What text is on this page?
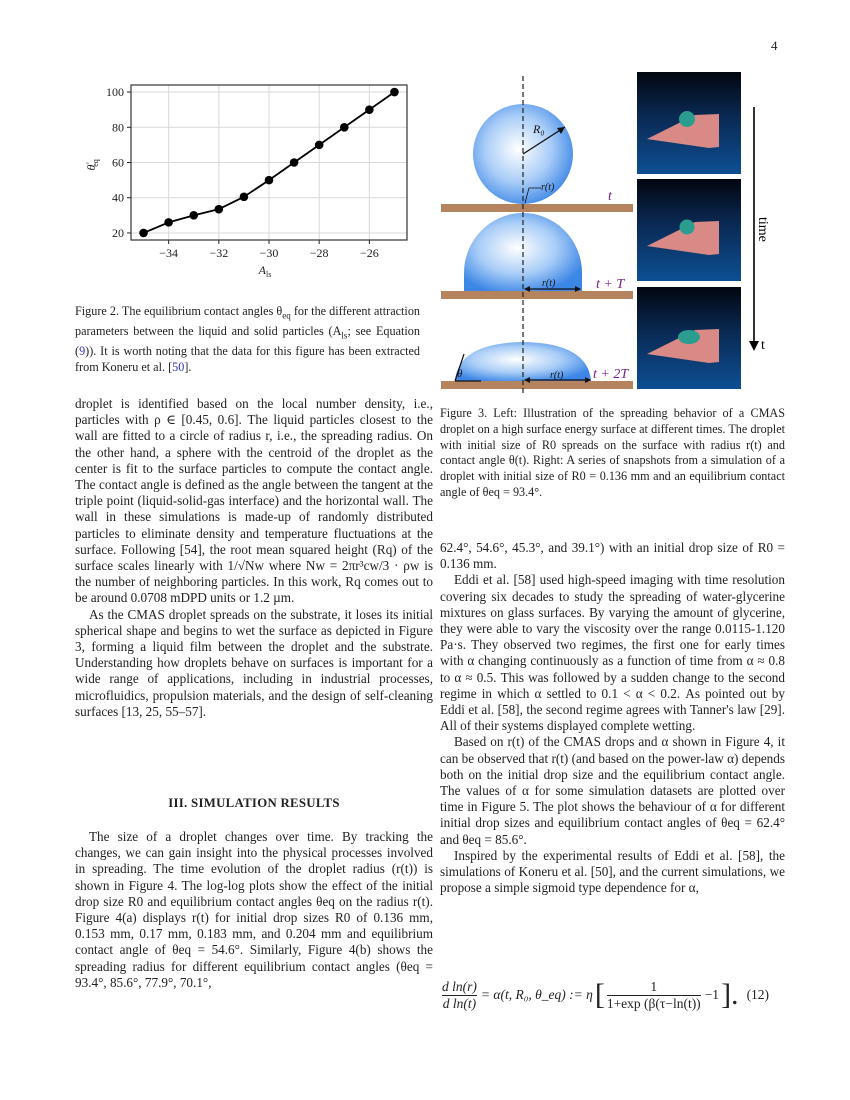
4
−34	−32	−30	−28	−26
20
40
60
80
100
$A_{ls}$
θ◦eq
Figure 2. The equilibrium contact angles $\theta_{eq}$ for the different attraction parameters between the liquid and solid particles ($A_{ls}$; see Equation (9)). It is worth noting that the data for this figure has been extracted from Koneru et al. [50].
R₀
r(t)
t
r(t)	t + T
r(t) t + 2T
θ
time
t
Figure 3. Left: Illustration of the spreading behavior of a CMAS droplet on a high surface energy surface at different times. The droplet with initial size of R0 spreads on the surface with radius r(t) and contact angle θ(t). Right: A series of snapshots from a simulation of a droplet with initial size of R0 = 0.136 mm and an equilibrium contact angle of θeq = 93.4°.

droplet is identified based on the local number density, i.e., particles with ρ ∈ [0.45, 0.6]. The liquid particles closest to the wall are fitted to a circle of radius r, i.e., the spreading radius. On the other hand, a sphere with the centroid of the droplet as the center is fit to the surface particles to compute the contact angle. The contact angle is defined as the angle between the tangent at the triple point (liquid-solid-gas interface) and the horizontal wall. The wall in these simulations is made-up of randomly distributed particles to eliminate density and temperature fluctuations at the surface. Following [54], the root mean squared height (Rq) of the surface scales linearly with 1/√Nw where Nw = 2πr³cw/3 · ρw is the number of neighboring particles. In this work, Rq comes out to be around 0.0708 mDPD units or 1.2 µm.

As the CMAS droplet spreads on the substrate, it loses its initial spherical shape and begins to wet the surface as depicted in Figure 3, forming a liquid film between the droplet and the substrate. Understanding how droplets behave on surfaces is important for a wide range of applications, including in industrial processes, microfluidics, propulsion materials, and the design of self-cleaning surfaces [13, 25, 55–57].

III. SIMULATION RESULTS

The size of a droplet changes over time. By tracking the changes, we can gain insight into the physical processes involved in spreading. The time evolution of the droplet radius (r(t)) is shown in Figure 4. The log-log plots show the effect of the initial drop size R0 and equilibrium contact angles θeq on the radius r(t). Figure 4(a) displays r(t) for initial drop sizes R0 of 0.136 mm, 0.153 mm, 0.17 mm, 0.183 mm, and 0.204 mm and equilibrium contact angle of θeq = 54.6°. Similarly, Figure 4(b) shows the spreading radius for different equilibrium contact angles (θeq = 93.4°, 85.6°, 77.9°, 70.1°,

62.4°, 54.6°, 45.3°, and 39.1°) with an initial drop size of R0 = 0.136 mm.

Eddi et al. [58] used high-speed imaging with time resolution covering six decades to study the spreading of water-glycerine mixtures on glass surfaces. By varying the amount of glycerine, they were able to vary the viscosity over the range 0.0115-1.120 Pa·s. They observed two regimes, the first one for early times with α changing continuously as a function of time from α ≈ 0.8 to α ≈ 0.5. This was followed by a sudden change to the second regime in which α settled to 0.1 < α < 0.2. As pointed out by Eddi et al. [58], the second regime agrees with Tanner's law [29]. All of their systems displayed complete wetting.

Based on r(t) of the CMAS drops and α shown in Figure 4, it can be observed that r(t) (and based on the power-law α) depends both on the initial drop size and the equilibrium contact angle. The values of α for some simulation datasets are plotted over time in Figure 5. The plot shows the behaviour of α for different initial drop sizes and equilibrium contact angles of θeq = 62.4° and θeq = 85.6°.

Inspired by the experimental results of Eddi et al. [58], the simulations of Koneru et al. [50], and the current simulations, we propose a simple sigmoid type dependence for α,

d ln(r)
d ln(t)
	= α(t, R₀, θ_eq) := η	[	1
1+exp (β(τ−ln(t))
	−1	].	(12)
